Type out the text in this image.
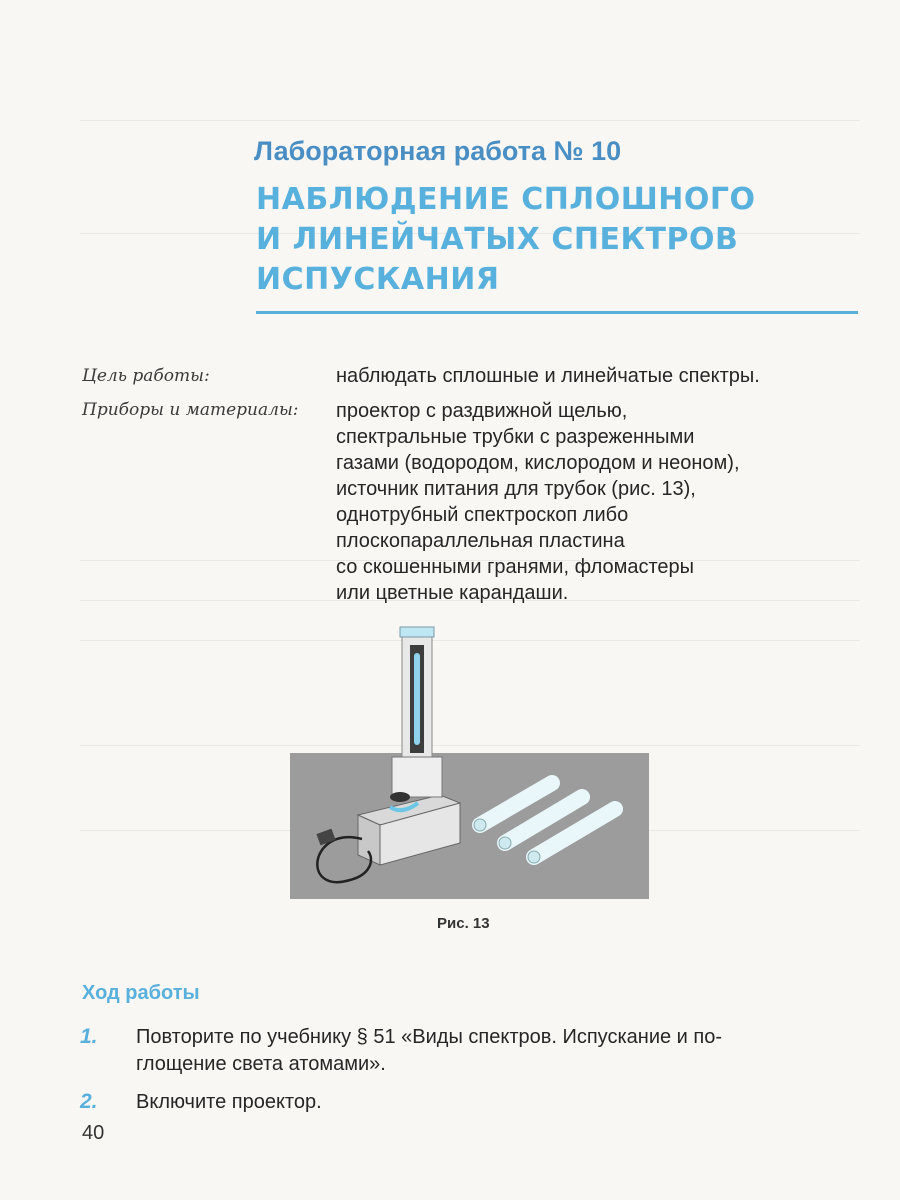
Лабораторная работа № 10
НАБЛЮДЕНИЕ СПЛОШНОГО
И ЛИНЕЙЧАТЫХ СПЕКТРОВ
ИСПУСКАНИЯ
Цель работы:	наблюдать сплошные и линейчатые спектры.
Приборы и материалы: проектор с раздвижной щелью,
спектральные трубки с разреженными
газами (водородом, кислородом и неоном),
источник питания для трубок (рис. 13),
однотрубный спектроскоп либо
плоскопараллельная пластина
со скошенными гранями, фломастеры
или цветные карандаши.
Рис. 13
Ход работы
1. Повторите по учебнику § 51 «Виды спектров. Испускание и по-
глощение света атомами».
2. Включите проектор.
40
